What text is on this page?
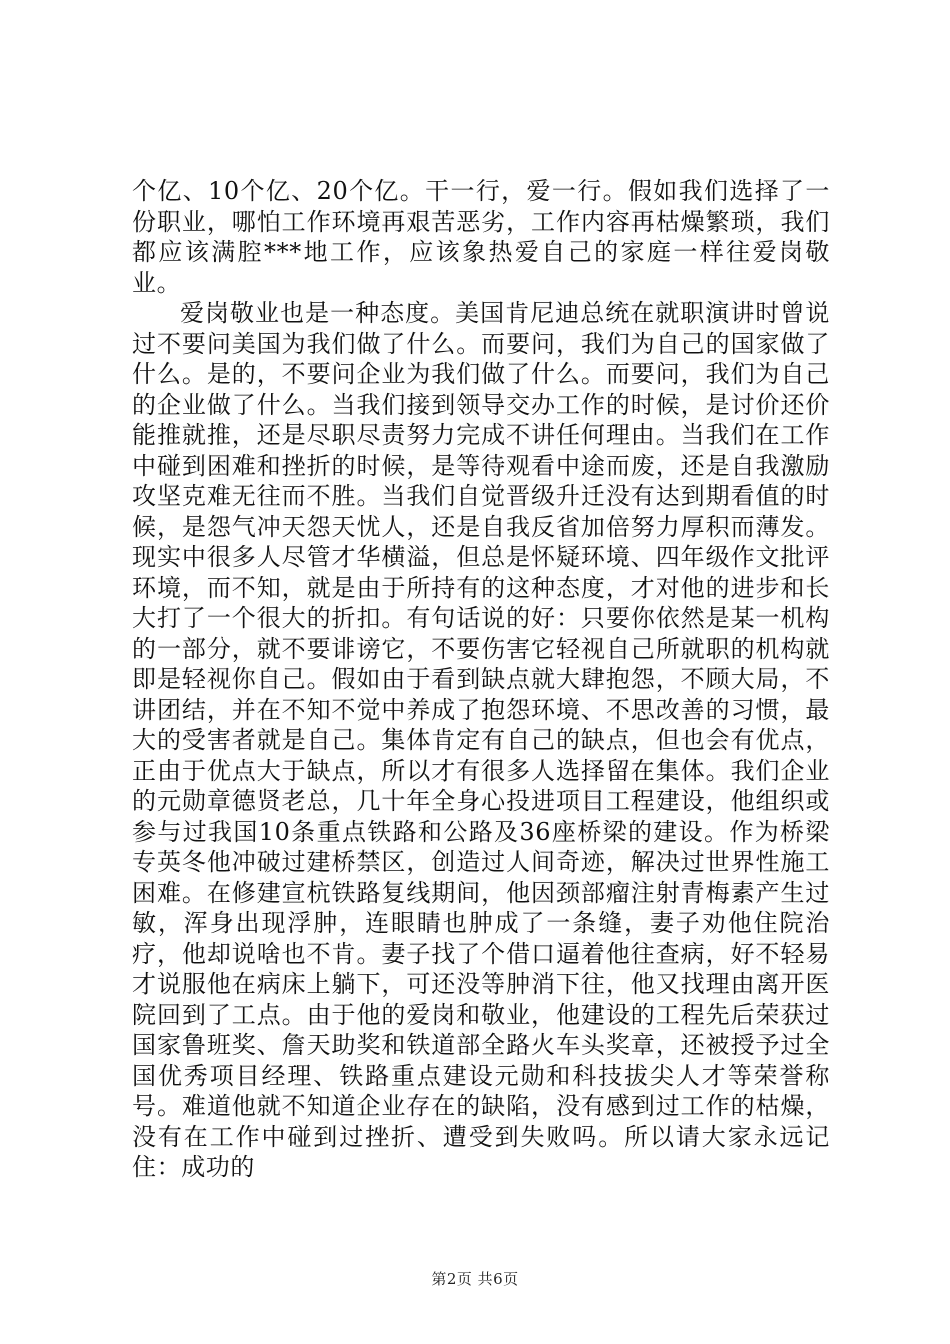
个亿、10个亿、20个亿。干一行，爱一行。假如我们选择了一份职业，哪怕工作环境再艰苦恶劣，工作内容再枯燥繁琐，我们都应该满腔***地工作，应该象热爱自己的家庭一样往爱岗敬业。

爱岗敬业也是一种态度。美国肯尼迪总统在就职演讲时曾说过不要问美国为我们做了什么。而要问，我们为自己的国家做了什么。是的，不要问企业为我们做了什么。而要问，我们为自己的企业做了什么。当我们接到领导交办工作的时候，是讨价还价能推就推，还是尽职尽责努力完成不讲任何理由。当我们在工作中碰到困难和挫折的时候，是等待观看中途而废，还是自我激励攻坚克难无往而不胜。当我们自觉晋级升迁没有达到期看值的时候，是怨气冲天怨天忧人，还是自我反省加倍努力厚积而薄发。现实中很多人尽管才华横溢，但总是怀疑环境、四年级作文批评环境，而不知，就是由于所持有的这种态度，才对他的进步和长大打了一个很大的折扣。有句话说的好：只要你依然是某一机构的一部分，就不要诽谤它，不要伤害它轻视自己所就职的机构就即是轻视你自己。假如由于看到缺点就大肆抱怨，不顾大局，不讲团结，并在不知不觉中养成了抱怨环境、不思改善的习惯，最大的受害者就是自己。集体肯定有自己的缺点，但也会有优点，正由于优点大于缺点，所以才有很多人选择留在集体。我们企业的元勋章德贤老总，几十年全身心投进项目工程建设，他组织或参与过我国10条重点铁路和公路及36座桥梁的建设。作为桥梁专英冬他冲破过建桥禁区，创造过人间奇迹，解决过世界性施工困难。在修建宣杭铁路复线期间，他因颈部瘤注射青梅素产生过敏，浑身出现浮肿，连眼睛也肿成了一条缝，妻子劝他住院治疗，他却说啥也不肯。妻子找了个借口逼着他往查病，好不轻易才说服他在病床上躺下，可还没等肿消下往，他又找理由离开医院回到了工点。由于他的爱岗和敬业，他建设的工程先后荣获过国家鲁班奖、詹天助奖和铁道部全路火车头奖章，还被授予过全国优秀项目经理、铁路重点建设元勋和科技拔尖人才等荣誉称号。难道他就不知道企业存在的缺陷，没有感到过工作的枯燥，没有在工作中碰到过挫折、遭受到失败吗。所以请大家永远记住：成功的

第2页 共6页
